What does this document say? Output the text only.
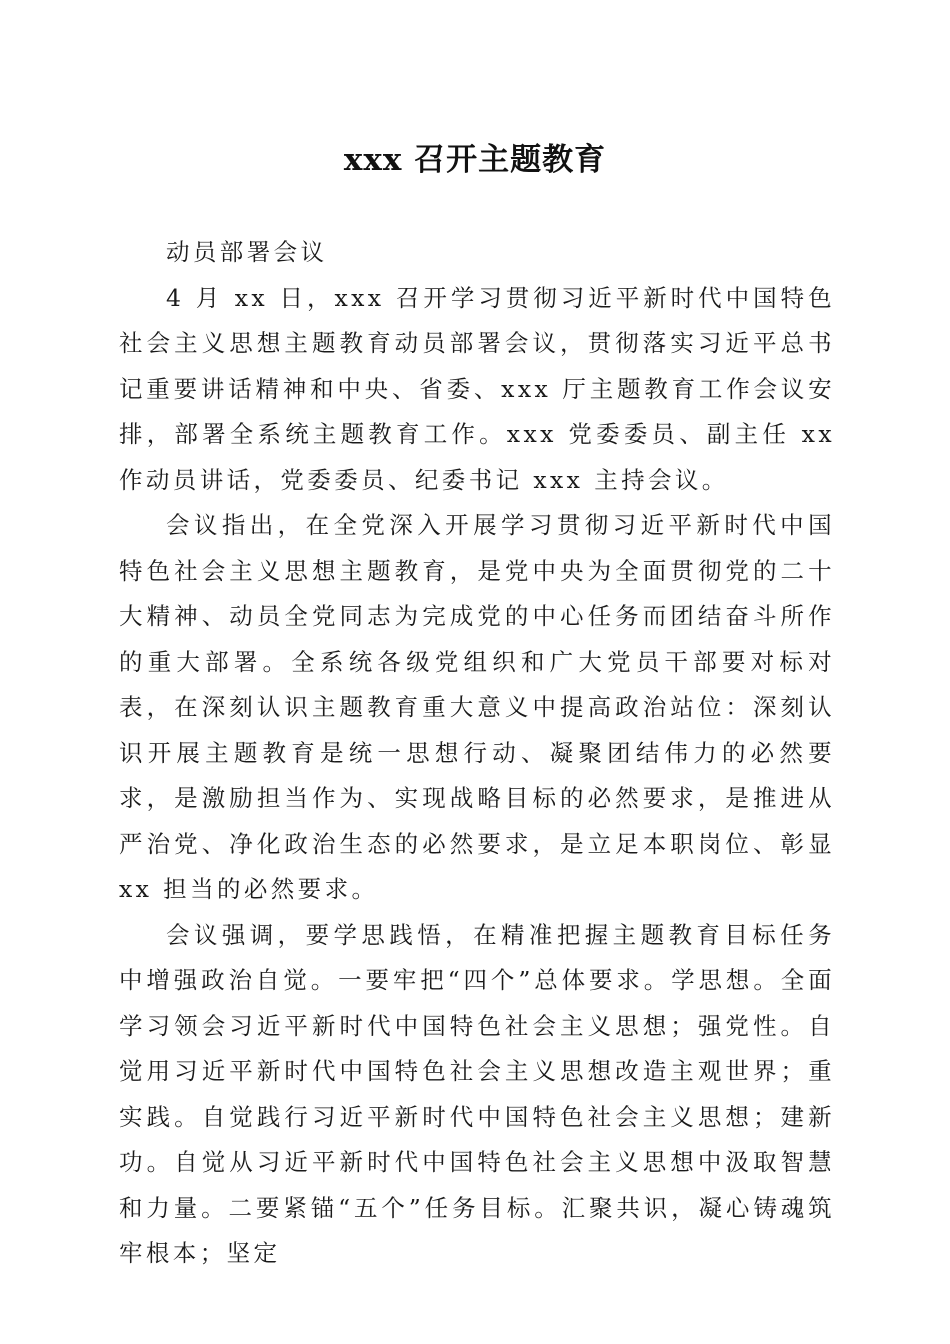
xxx 召开主题教育

动员部署会议

4 月 xx 日，xxx 召开学习贯彻习近平新时代中国特色社会主义思想主题教育动员部署会议，贯彻落实习近平总书记重要讲话精神和中央、省委、xxx 厅主题教育工作会议安排，部署全系统主题教育工作。xxx 党委委员、副主任 xx 作动员讲话，党委委员、纪委书记 xxx 主持会议。

会议指出，在全党深入开展学习贯彻习近平新时代中国特色社会主义思想主题教育，是党中央为全面贯彻党的二十大精神、动员全党同志为完成党的中心任务而团结奋斗所作的重大部署。全系统各级党组织和广大党员干部要对标对表，在深刻认识主题教育重大意义中提高政治站位：深刻认识开展主题教育是统一思想行动、凝聚团结伟力的必然要求，是激励担当作为、实现战略目标的必然要求，是推进从严治党、净化政治生态的必然要求，是立足本职岗位、彰显 xx 担当的必然要求。

会议强调，要学思践悟，在精准把握主题教育目标任务中增强政治自觉。一要牢把“四个”总体要求。学思想。全面学习领会习近平新时代中国特色社会主义思想；强党性。自觉用习近平新时代中国特色社会主义思想改造主观世界；重实践。自觉践行习近平新时代中国特色社会主义思想；建新功。自觉从习近平新时代中国特色社会主义思想中汲取智慧和力量。二要紧锚“五个”任务目标。汇聚共识，凝心铸魂筑牢根本；坚定
